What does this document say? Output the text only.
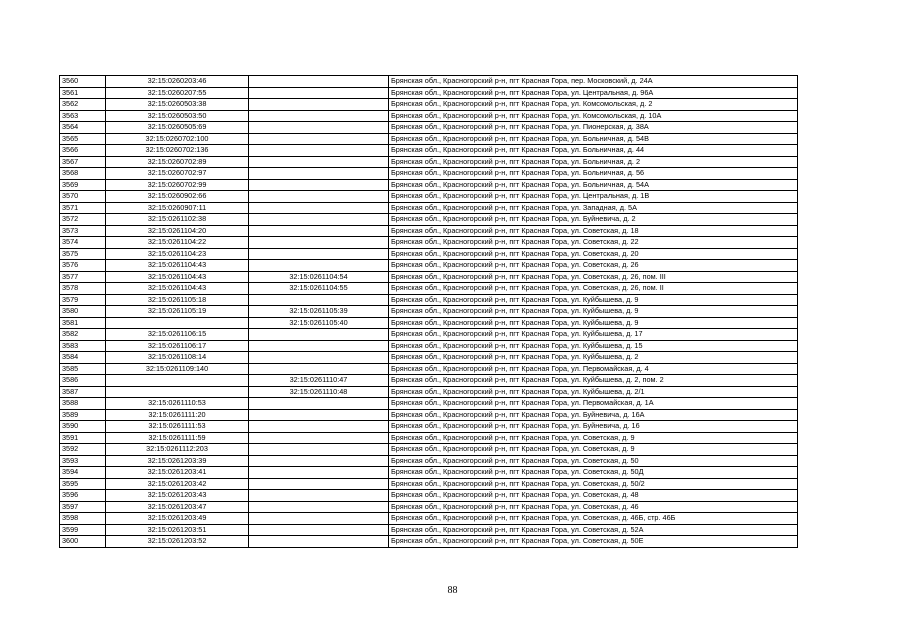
3560	32:15:0260203:46		Брянская обл., Красногорский р-н, пгт Красная Гора, пер. Московский, д. 24А
3561	32:15:0260207:55		Брянская обл., Красногорский р-н, пгт Красная Гора, ул. Центральная, д. 96А
3562	32:15:0260503:38		Брянская обл., Красногорский р-н, пгт Красная Гора, ул. Комсомольская, д. 2
3563	32:15:0260503:50		Брянская обл., Красногорский р-н, пгт Красная Гора, ул. Комсомольская, д. 10А
3564	32:15:0260505:69		Брянская обл., Красногорский р-н, пгт Красная Гора, ул. Пионерская, д. 38А
3565	32:15:0260702:100		Брянская обл., Красногорский р-н, пгт Красная Гора, ул. Больничная, д. 54В
3566	32:15:0260702:136		Брянская обл., Красногорский р-н, пгт Красная Гора, ул. Больничная, д. 44
3567	32:15:0260702:89		Брянская обл., Красногорский р-н, пгт Красная Гора, ул. Больничная, д. 2
3568	32:15:0260702:97		Брянская обл., Красногорский р-н, пгт Красная Гора, ул. Больничная, д. 56
3569	32:15:0260702:99		Брянская обл., Красногорский р-н, пгт Красная Гора, ул. Больничная, д. 54А
3570	32:15:0260902:66		Брянская обл., Красногорский р-н, пгт Красная Гора, ул. Центральная, д. 1В
3571	32:15:0260907:11		Брянская обл., Красногорский р-н, пгт Красная Гора, ул. Западная, д. 5А
3572	32:15:0261102:38		Брянская обл., Красногорский р-н, пгт Красная Гора, ул. Буйневича, д. 2
3573	32:15:0261104:20		Брянская обл., Красногорский р-н, пгт Красная Гора, ул. Советская, д. 18
3574	32:15:0261104:22		Брянская обл., Красногорский р-н, пгт Красная Гора, ул. Советская, д. 22
3575	32:15:0261104:23		Брянская обл., Красногорский р-н, пгт Красная Гора, ул. Советская, д. 20
3576	32:15:0261104:43		Брянская обл., Красногорский р-н, пгт Красная Гора, ул. Советская, д. 26
3577	32:15:0261104:43	32:15:0261104:54	Брянская обл., Красногорский р-н, пгт Красная Гора, ул. Советская, д. 26, пом. III
3578	32:15:0261104:43	32:15:0261104:55	Брянская обл., Красногорский р-н, пгт Красная Гора, ул. Советская, д. 26, пом. II
3579	32:15:0261105:18		Брянская обл., Красногорский р-н, пгт Красная Гора, ул. Куйбышева, д. 9
3580	32:15:0261105:19	32:15:0261105:39	Брянская обл., Красногорский р-н, пгт Красная Гора, ул. Куйбышева, д. 9
3581		32:15:0261105:40	Брянская обл., Красногорский р-н, пгт Красная Гора, ул. Куйбышева, д. 9
3582	32:15:0261106:15		Брянская обл., Красногорский р-н, пгт Красная Гора, ул. Куйбышева, д. 17
3583	32:15:0261106:17		Брянская обл., Красногорский р-н, пгт Красная Гора, ул. Куйбышева, д. 15
3584	32:15:0261108:14		Брянская обл., Красногорский р-н, пгт Красная Гора, ул. Куйбышева, д. 2
3585	32:15:0261109:140		Брянская обл., Красногорский р-н, пгт Красная Гора, ул. Первомайская, д. 4
3586		32:15:0261110:47	Брянская обл., Красногорский р-н, пгт Красная Гора, ул. Куйбышева, д. 2, пом. 2
3587		32:15:0261110:48	Брянская обл., Красногорский р-н, пгт Красная Гора, ул. Куйбышева, д. 2/1
3588	32:15:0261110:53		Брянская обл., Красногорский р-н, пгт Красная Гора, ул. Первомайская, д. 1А
3589	32:15:0261111:20		Брянская обл., Красногорский р-н, пгт Красная Гора, ул. Буйневича, д. 16А
3590	32:15:0261111:53		Брянская обл., Красногорский р-н, пгт Красная Гора, ул. Буйневича, д. 16
3591	32:15:0261111:59		Брянская обл., Красногорский р-н, пгт Красная Гора, ул. Советская, д. 9
3592	32:15:0261112:203		Брянская обл., Красногорский р-н, пгт Красная Гора, ул. Советская, д. 9
3593	32:15:0261203:39		Брянская обл., Красногорский р-н, пгт Красная Гора, ул. Советская, д. 50
3594	32:15:0261203:41		Брянская обл., Красногорский р-н, пгт Красная Гора, ул. Советская, д. 50Д
3595	32:15:0261203:42		Брянская обл., Красногорский р-н, пгт Красная Гора, ул. Советская, д. 50/2
3596	32:15:0261203:43		Брянская обл., Красногорский р-н, пгт Красная Гора, ул. Советская, д. 48
3597	32:15:0261203:47		Брянская обл., Красногорский р-н, пгт Красная Гора, ул. Советская, д. 46
3598	32:15:0261203:49		Брянская обл., Красногорский р-н, пгт Красная Гора, ул. Советская, д. 46Б, стр. 46Б
3599	32:15:0261203:51		Брянская обл., Красногорский р-н, пгт Красная Гора, ул. Советская, д. 52А
3600	32:15:0261203:52		Брянская обл., Красногорский р-н, пгт Красная Гора, ул. Советская, д. 50Е
88
